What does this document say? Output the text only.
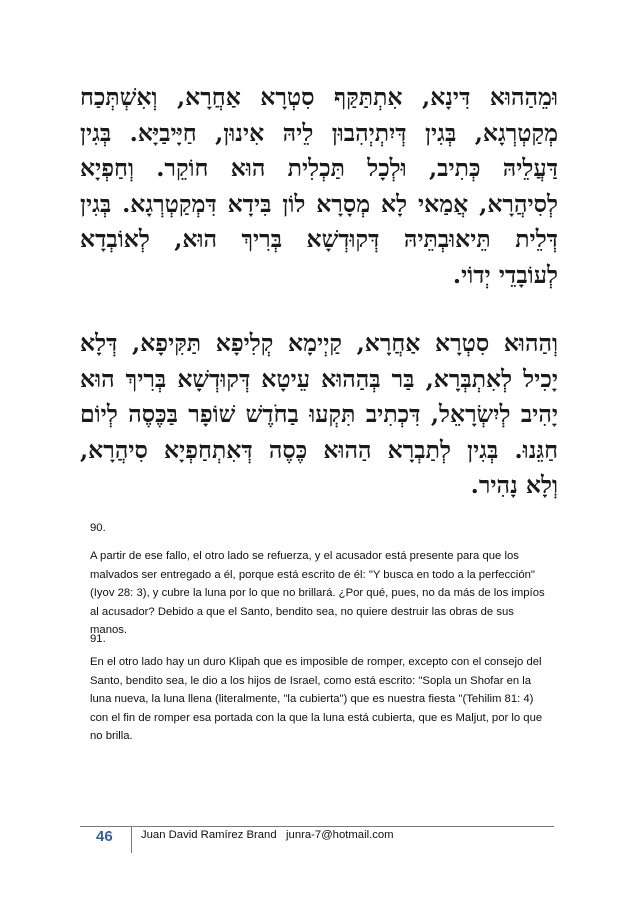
וּמֵהַהוּא דִּינָא, אִתְתַּקַּף סִטְרָא אַחֲרָא, וְאִשְׁתְּכַח
מְקַטְרְגָא, בְּגִין דְּיִתְיְהִבוּן לֵיהּ אִינוּן, חַיָּיבַיָּא. בְּגִין
דַּעֲלֵיהּ כְּתִיב, וּלְכָל תַּכְלִית הוּא חוֹקֵר. וְחַפְיָא
לְסִיהֲרָא, אֲמַאי לָא מְסָרָא לוֹן בִּידָא דִּמְקַטְרְגָא. בְּגִין
דְּלֵית תֵּיאוּבְתֵּיהּ דְּקוּדְשָׁא בְּרִיךְ הוּא, לְאוֹבְדָא
לְעוֹבָדֵי יְדוֹי.
וְהַהוּא סִטְרָא אַחֲרָא, קַיְימָא קְלִיפָא תַּקִּיפָא, דְּלָא
יָכִיל לְאִתְבְּרָא, בַּר בְּהַהוּא עֵיטָא דְּקוּדְשָׁא בְּרִיךְ הוּא
יָהִיב לְיִשְׂרָאֵל, דִּכְתִיב תִּקְעוּ בַחֹדֶשׁ שׁוֹפָר בַּכֶּסֶה לְיוֹם
חַגֵּנוּ. בְּגִין לְתַבְרָא הַהוּא כֶּסֶה דְּאִתְחַפְיָא סִיהֲרָא,
וְלָא נָהִיר.

90.

A partir de ese fallo, el otro lado se refuerza, y el acusador está presente para que los malvados ser entregado a él, porque está escrito de él: "Y busca en todo a la perfección" (Iyov 28: 3), y cubre la luna por lo que no brillará. ¿Por qué, pues, no da más de los impíos al acusador? Debido a que el Santo, bendito sea, no quiere destruir las obras de sus manos.

91.

En el otro lado hay un duro Klipah que es imposible de romper, excepto con el consejo del Santo, bendito sea, le dio a los hijos de Israel, como está escrito: "Sopla un Shofar en la luna nueva, la luna llena (literalmente, "la cubierta") que es nuestra fiesta "(Tehilim 81: 4) con el fin de romper esa portada con la que la luna está cubierta, que es Maljut, por lo que no brilla.

46	Juan David Ramírez Brand   junra-7@hotmail.com
